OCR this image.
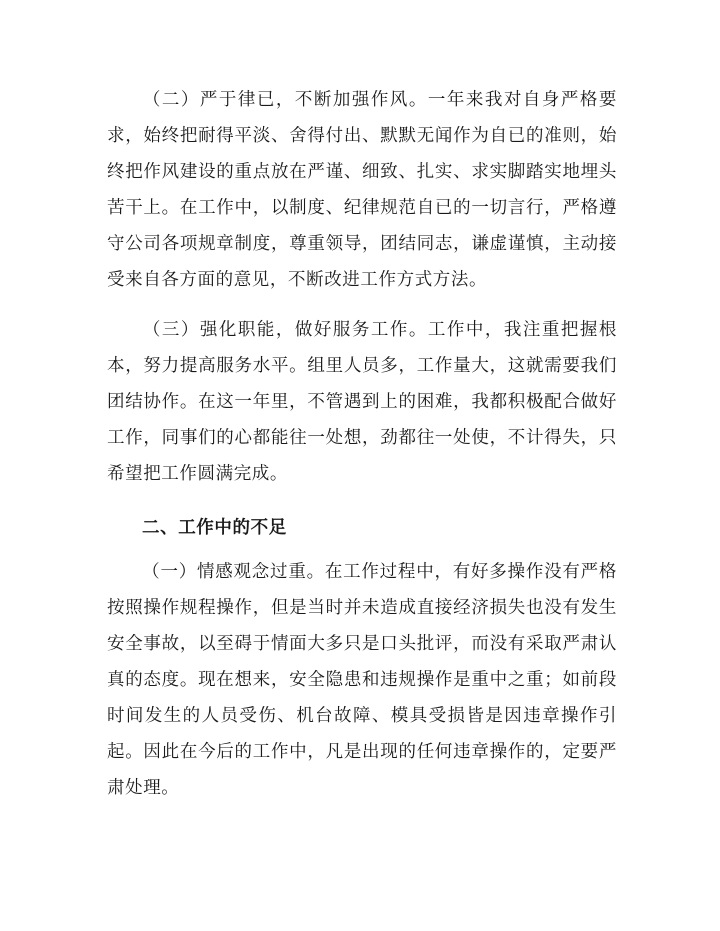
（二）严于律已，不断加强作风。一年来我对自身严格要求，始终把耐得平淡、舍得付出、默默无闻作为自已的准则，始终把作风建设的重点放在严谨、细致、扎实、求实脚踏实地埋头苦干上。在工作中，以制度、纪律规范自已的一切言行，严格遵守公司各项规章制度，尊重领导，团结同志，谦虚谨慎，主动接受来自各方面的意见，不断改进工作方式方法。

（三）强化职能，做好服务工作。工作中，我注重把握根本，努力提高服务水平。组里人员多，工作量大，这就需要我们团结协作。在这一年里，不管遇到上的困难，我都积极配合做好工作，同事们的心都能往一处想，劲都往一处使，不计得失，只希望把工作圆满完成。

二、工作中的不足

（一）情感观念过重。在工作过程中，有好多操作没有严格按照操作规程操作，但是当时并未造成直接经济损失也没有发生安全事故，以至碍于情面大多只是口头批评，而没有采取严肃认真的态度。现在想来，安全隐患和违规操作是重中之重；如前段时间发生的人员受伤、机台故障、模具受损皆是因违章操作引起。因此在今后的工作中，凡是出现的任何违章操作的，定要严肃处理。
